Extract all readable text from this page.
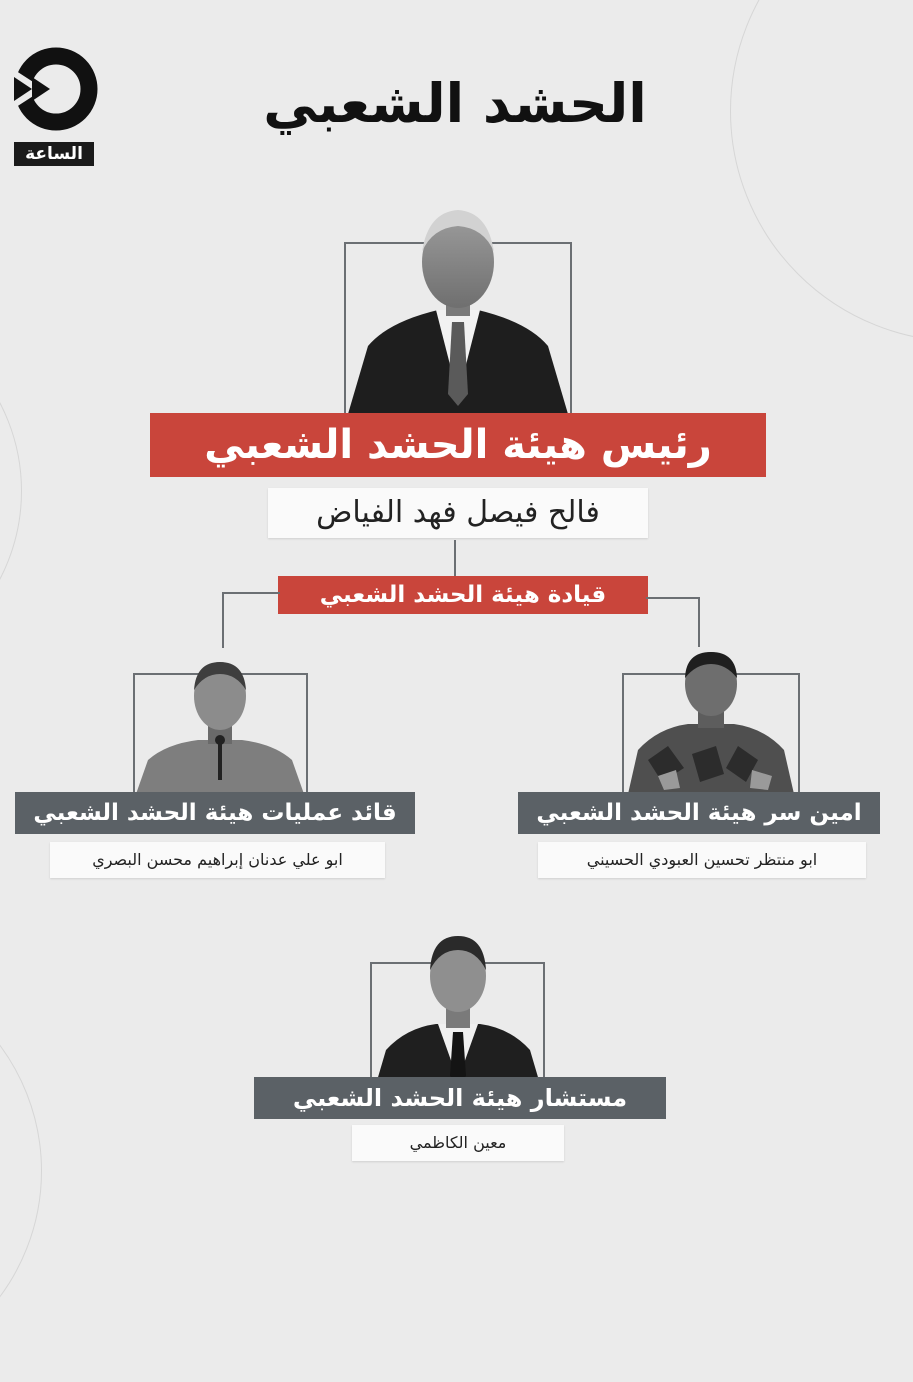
الساعة
الحشد الشعبي
رئيس هيئة الحشد الشعبي
فالح فيصل فهد الفياض
قيادة هيئة الحشد الشعبي
قائد عمليات هيئة الحشد الشعبي
ابو علي عدنان إبراهيم محسن البصري
امين سر هيئة الحشد الشعبي
ابو منتظر تحسين العبودي الحسيني
مستشار هيئة الحشد الشعبي
معين الكاظمي
